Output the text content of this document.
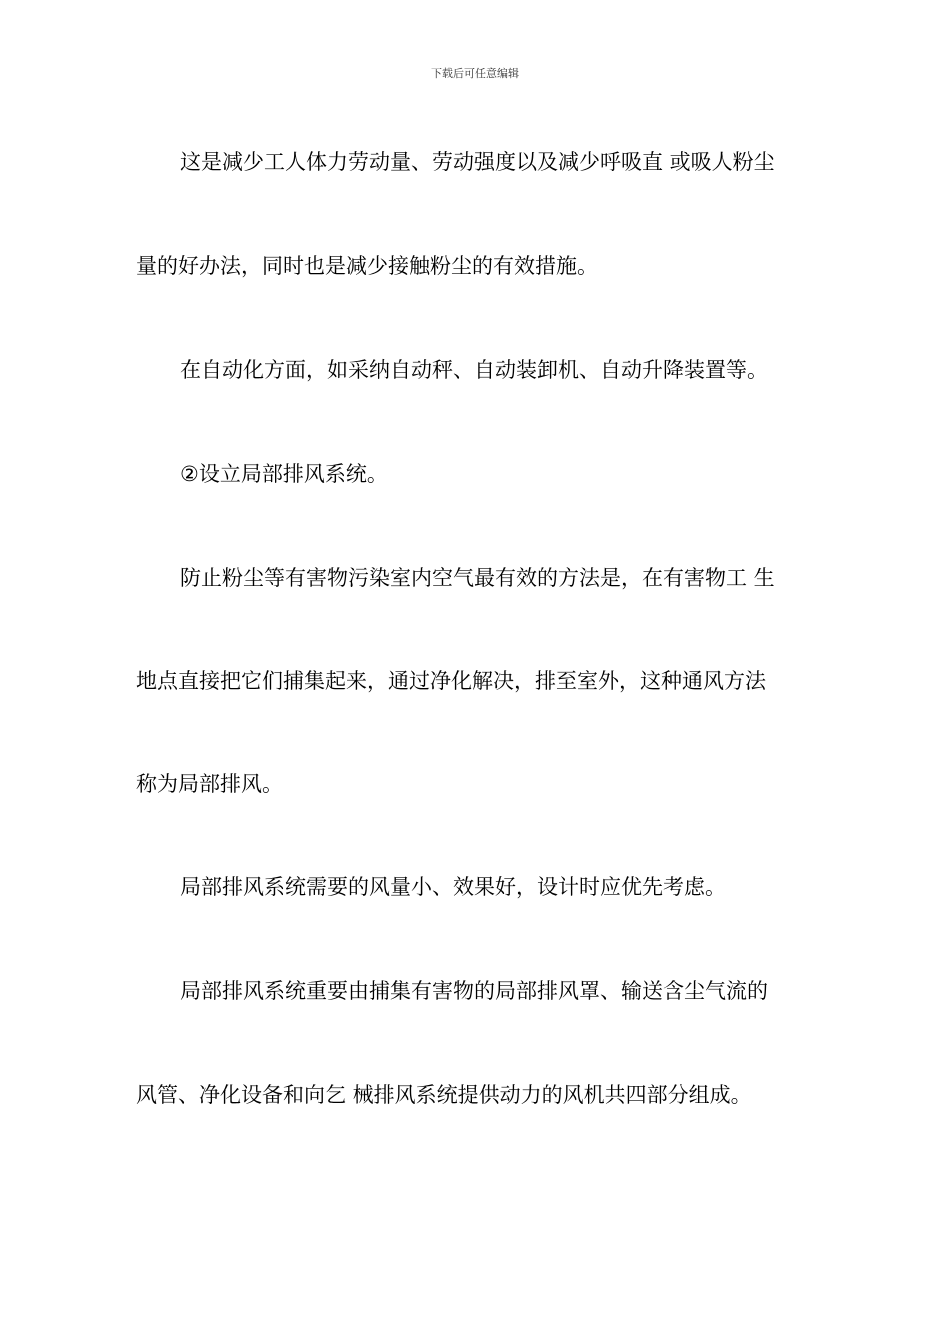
下载后可任意编辑
这是减少工人体力劳动量、劳动强度以及减少呼吸直 或吸人粉尘
量的好办法，同时也是减少接触粉尘的有效措施。
在自动化方面，如采纳自动秤、自动装卸机、自动升降装置等。
②设立局部排风系统。
防止粉尘等有害物污染室内空气最有效的方法是，在有害物工 生
地点直接把它们捕集起来，通过净化解决，排至室外，这种通风方法
称为局部排风。
局部排风系统需要的风量小、效果好，设计时应优先考虑。
局部排风系统重要由捕集有害物的局部排风罩、输送含尘气流的
风管、净化设备和向乞 械排风系统提供动力的风机共四部分组成。
